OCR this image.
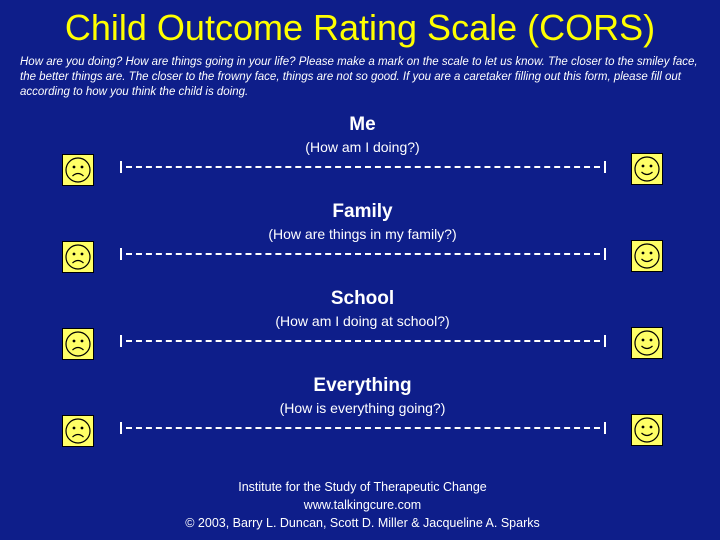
Child Outcome Rating Scale (CORS)
How are you doing? How are things going in your life? Please make a mark on the scale to let us know. The closer to the smiley face, the better things are. The closer to the frowny face, things are not so good. If you are a caretaker filling out this form, please fill out according to how you think the child is doing.
Me
(How am I doing?)
Family
(How are things in my family?)
School
(How am I doing at school?)
Everything
(How is everything going?)
Institute for the Study of Therapeutic Change
www.talkingcure.com
© 2003, Barry L. Duncan, Scott D. Miller & Jacqueline A. Sparks
